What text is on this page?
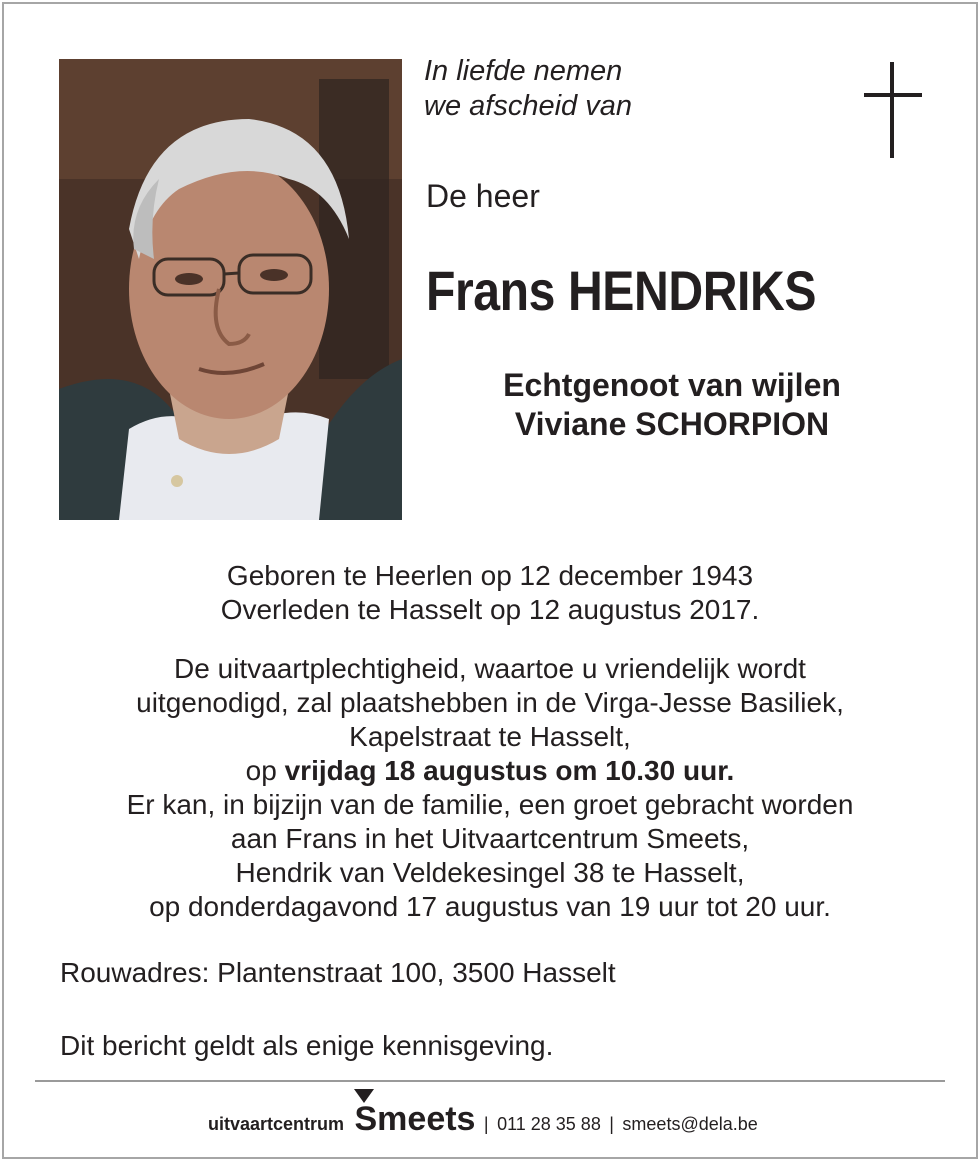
In liefde nemen
we afscheid van

De heer

Frans HENDRIKS

Echtgenoot van wijlen
Viviane SCHORPION

Geboren te Heerlen op 12 december 1943
Overleden te Hasselt op 12 augustus 2017.

De uitvaartplechtigheid, waartoe u vriendelijk wordt
uitgenodigd, zal plaatshebben in de Virga-Jesse Basiliek,
Kapelstraat te Hasselt,
op vrijdag 18 augustus om 10.30 uur.
Er kan, in bijzijn van de familie, een groet gebracht worden
aan Frans in het Uitvaartcentrum Smeets,
Hendrik van Veldekesingel 38 te Hasselt,
op donderdagavond 17 augustus van 19 uur tot 20 uur.

Rouwadres: Plantenstraat 100, 3500 Hasselt

Dit bericht geldt als enige kennisgeving.

uitvaartcentrum Smeets | 011 28 35 88 | smeets@dela.be
